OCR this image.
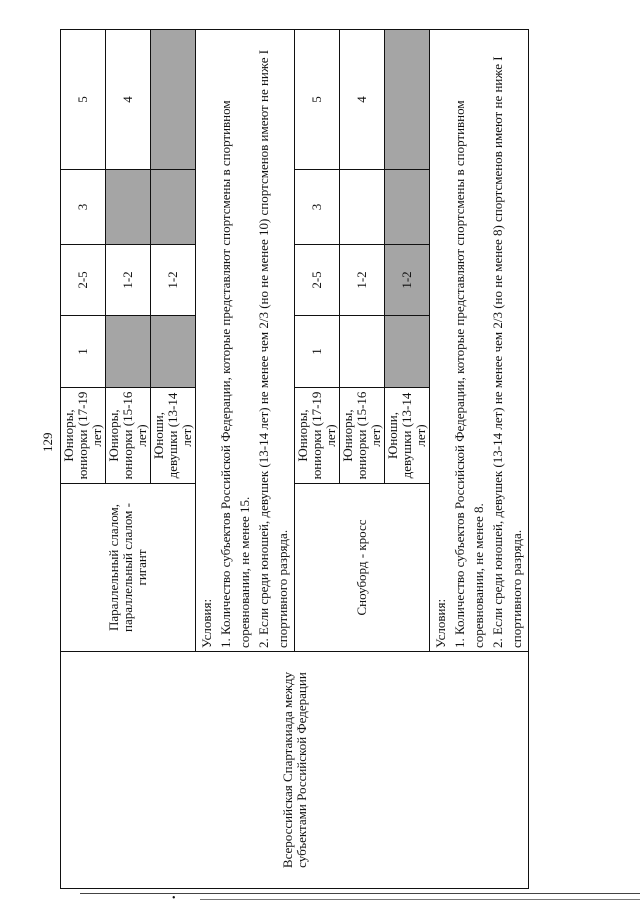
129
Всероссийская Спартакиада между субъектами Российской Федерации	Параллельный слалом, параллельный слалом - гигант	Юниоры, юниорки (17-19 лет)	1	2-5	3	5
		Юниоры, юниорки (15-16 лет)		1-2		4
		Юноши, девушки (13-14 лет)		1-2		

	Условия: 1. Количество субъектов Российской Федерации, которые представляют спортсмены в спортивном соревновании, не менее 15. 2. Если среди юношей, девушек (13-14 лет) не менее чем 2/3 (но не менее 10) спортсменов имеют не ниже I спортивного разряда.					

	Сноуборд - кросс	Юниоры, юниорки (17-19 лет)	1	2-5	3	5
		Юниоры, юниорки (15-16 лет)		1-2		4
		Юноши, девушки (13-14 лет)		1-2		

	Условия: 1. Количество субъектов Российской Федерации, которые представляют спортсмены в спортивном соревновании, не менее 8. 2. Если среди юношей, девушек (13-14 лет) не менее чем 2/3 (но не менее 8) спортсменов имеют не ниже I спортивного разряда.					
•
